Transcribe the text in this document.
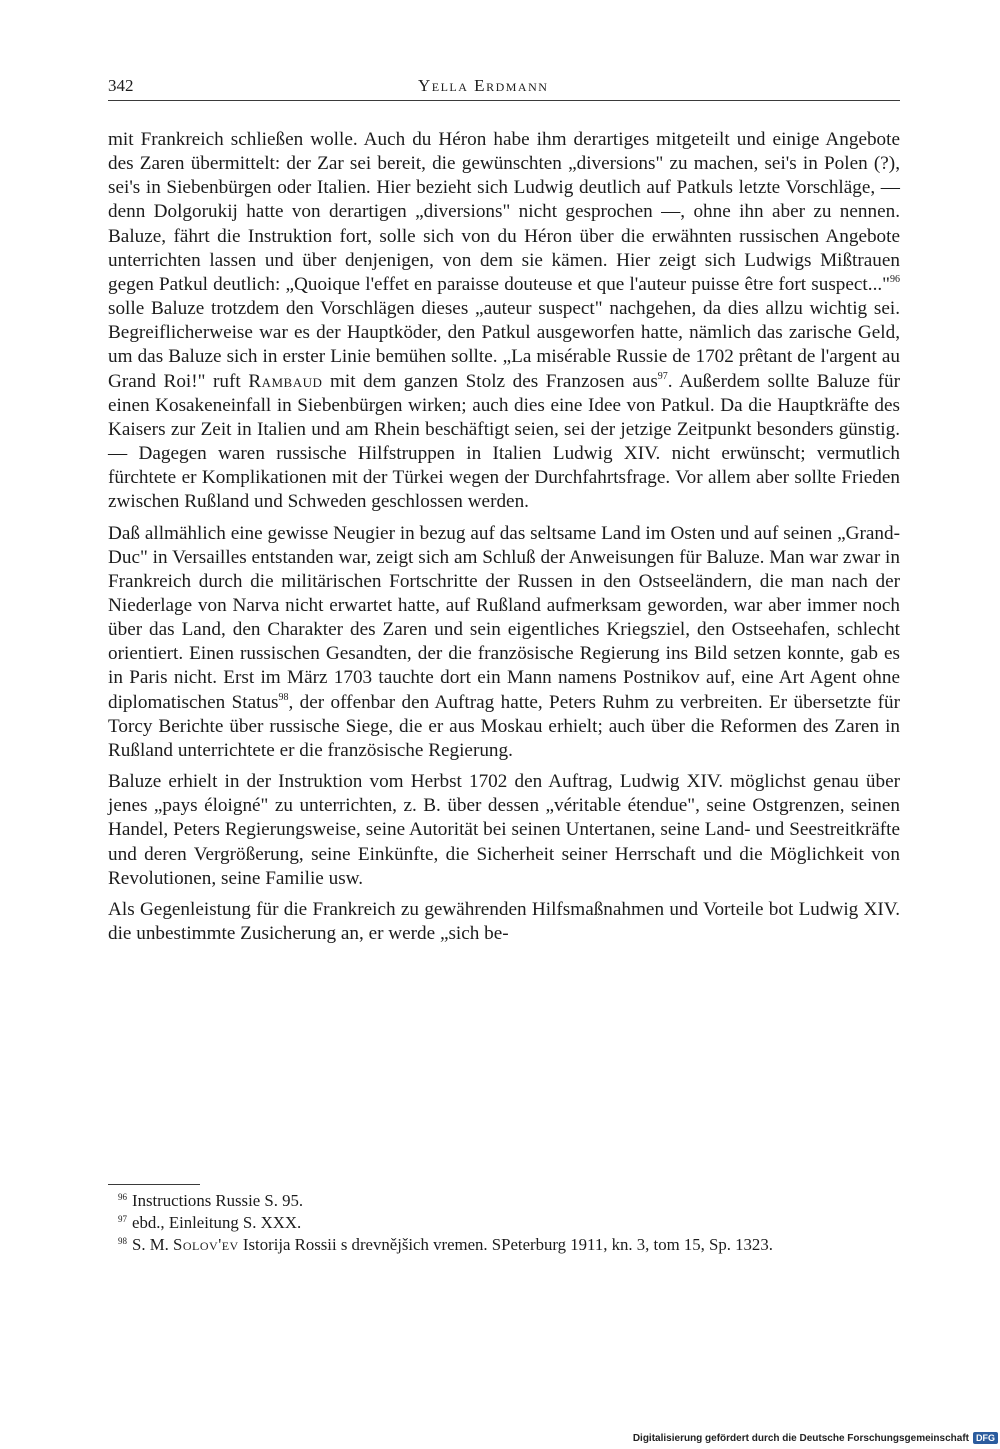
342	Yella Erdmann

mit Frankreich schließen wolle. Auch du Héron habe ihm derartiges mitgeteilt und einige Angebote des Zaren übermittelt: der Zar sei bereit, die gewünschten „diversions" zu machen, sei's in Polen (?), sei's in Siebenbürgen oder Italien. Hier bezieht sich Ludwig deutlich auf Patkuls letzte Vorschläge, — denn Dolgorukij hatte von derartigen „diversions" nicht gesprochen —, ohne ihn aber zu nennen. Baluze, fährt die Instruktion fort, solle sich von du Héron über die erwähnten russischen Angebote unterrichten lassen und über denjenigen, von dem sie kämen. Hier zeigt sich Ludwigs Mißtrauen gegen Patkul deutlich: „Quoique l'effet en paraisse douteuse et que l'auteur puisse être fort suspect..."$^{96}$ solle Baluze trotzdem den Vorschlägen dieses „auteur suspect" nachgehen, da dies allzu wichtig sei. Begreiflicherweise war es der Hauptköder, den Patkul ausgeworfen hatte, nämlich das zarische Geld, um das Baluze sich in erster Linie bemühen sollte. „La misérable Russie de 1702 prêtant de l'argent au Grand Roi!" ruft Rambaud mit dem ganzen Stolz des Franzosen aus$^{97}$. Außerdem sollte Baluze für einen Kosakeneinfall in Siebenbürgen wirken; auch dies eine Idee von Patkul. Da die Hauptkräfte des Kaisers zur Zeit in Italien und am Rhein beschäftigt seien, sei der jetzige Zeitpunkt besonders günstig. — Dagegen waren russische Hilfstruppen in Italien Ludwig XIV. nicht erwünscht; vermutlich fürchtete er Komplikationen mit der Türkei wegen der Durchfahrtsfrage. Vor allem aber sollte Frieden zwischen Rußland und Schweden geschlossen werden.

Daß allmählich eine gewisse Neugier in bezug auf das seltsame Land im Osten und auf seinen „Grand-Duc" in Versailles entstanden war, zeigt sich am Schluß der Anweisungen für Baluze. Man war zwar in Frankreich durch die militärischen Fortschritte der Russen in den Ostseeländern, die man nach der Niederlage von Narva nicht erwartet hatte, auf Rußland aufmerksam geworden, war aber immer noch über das Land, den Charakter des Zaren und sein eigentliches Kriegsziel, den Ostseehafen, schlecht orientiert. Einen russischen Gesandten, der die französische Regierung ins Bild setzen konnte, gab es in Paris nicht. Erst im März 1703 tauchte dort ein Mann namens Postnikov auf, eine Art Agent ohne diplomatischen Status$^{98}$, der offenbar den Auftrag hatte, Peters Ruhm zu verbreiten. Er übersetzte für Torcy Berichte über russische Siege, die er aus Moskau erhielt; auch über die Reformen des Zaren in Rußland unterrichtete er die französische Regierung.

Baluze erhielt in der Instruktion vom Herbst 1702 den Auftrag, Ludwig XIV. möglichst genau über jenes „pays éloigné" zu unterrichten, z. B. über dessen „véritable étendue", seine Ostgrenzen, seinen Handel, Peters Regierungsweise, seine Autorität bei seinen Untertanen, seine Land- und Seestreitkräfte und deren Vergrößerung, seine Einkünfte, die Sicherheit seiner Herrschaft und die Möglichkeit von Revolutionen, seine Familie usw.

Als Gegenleistung für die Frankreich zu gewährenden Hilfsmaßnahmen und Vorteile bot Ludwig XIV. die unbestimmte Zusicherung an, er werde „sich be-

$^{96}$ Instructions Russie S. 95.

$^{97}$ ebd., Einleitung S. XXX.

$^{98}$ S. M. Solov'ev Istorija Rossii s drevnějšich vremen. SPeterburg 1911, kn. 3, tom 15, Sp. 1323.

Digitalisierung gefördert durch die Deutsche Forschungsgemeinschaft DFG
